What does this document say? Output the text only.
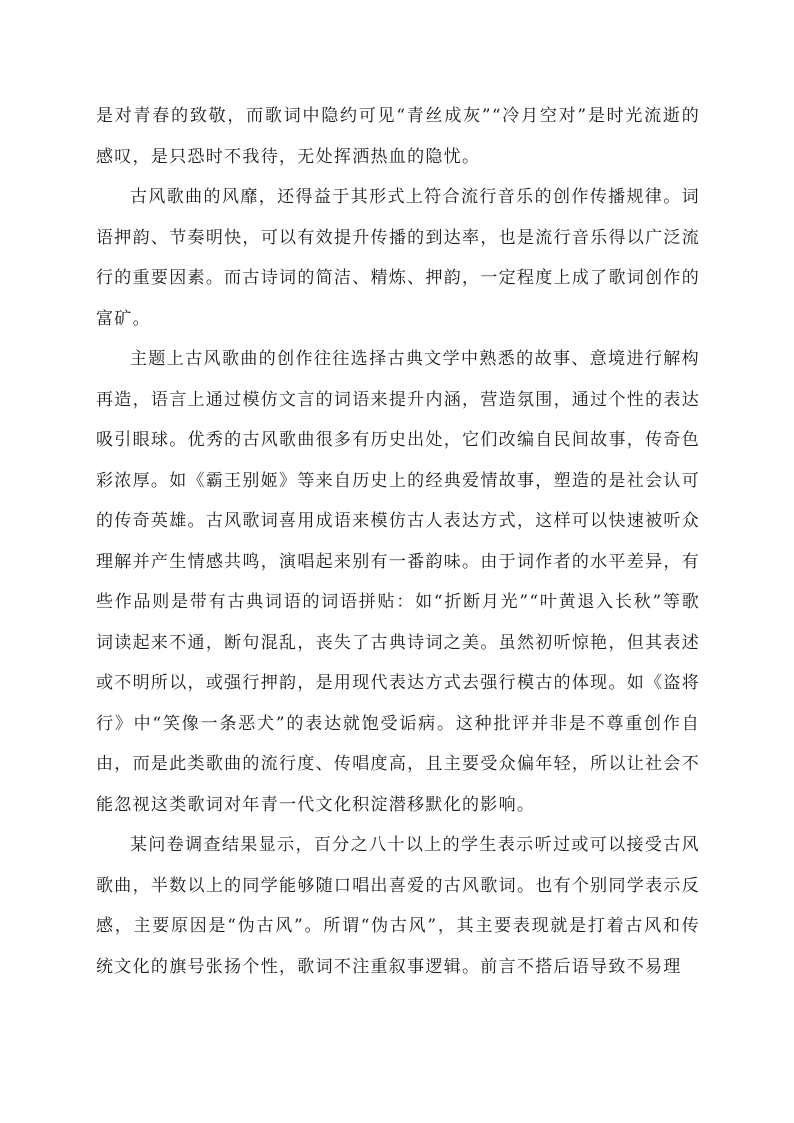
是对青春的致敬，而歌词中隐约可见“青丝成灰”“冷月空对”是时光流逝的感叹，是只恐时不我待，无处挥洒热血的隐忧。

古风歌曲的风靡，还得益于其形式上符合流行音乐的创作传播规律。词语押韵、节奏明快，可以有效提升传播的到达率，也是流行音乐得以广泛流行的重要因素。而古诗词的简洁、精炼、押韵，一定程度上成了歌词创作的富矿。

主题上古风歌曲的创作往往选择古典文学中熟悉的故事、意境进行解构再造，语言上通过模仿文言的词语来提升内涵，营造氛围，通过个性的表达吸引眼球。优秀的古风歌曲很多有历史出处，它们改编自民间故事，传奇色彩浓厚。如《霸王别姬》等来自历史上的经典爱情故事，塑造的是社会认可的传奇英雄。古风歌词喜用成语来模仿古人表达方式，这样可以快速被听众理解并产生情感共鸣，演唱起来别有一番韵味。由于词作者的水平差异，有些作品则是带有古典词语的词语拼贴：如“折断月光”“叶黄退入长秋”等歌词读起来不通，断句混乱，丧失了古典诗词之美。虽然初听惊艳，但其表述或不明所以，或强行押韵，是用现代表达方式去强行模古的体现。如《盗将行》中“笑像一条恶犬”的表达就饱受诟病。这种批评并非是不尊重创作自由，而是此类歌曲的流行度、传唱度高，且主要受众偏年轻，所以让社会不能忽视这类歌词对年青一代文化积淀潜移默化的影响。

某问卷调查结果显示，百分之八十以上的学生表示听过或可以接受古风歌曲，半数以上的同学能够随口唱出喜爱的古风歌词。也有个别同学表示反感，主要原因是“伪古风”。所谓“伪古风”，其主要表现就是打着古风和传统文化的旗号张扬个性，歌词不注重叙事逻辑。前言不搭后语导致不易理
